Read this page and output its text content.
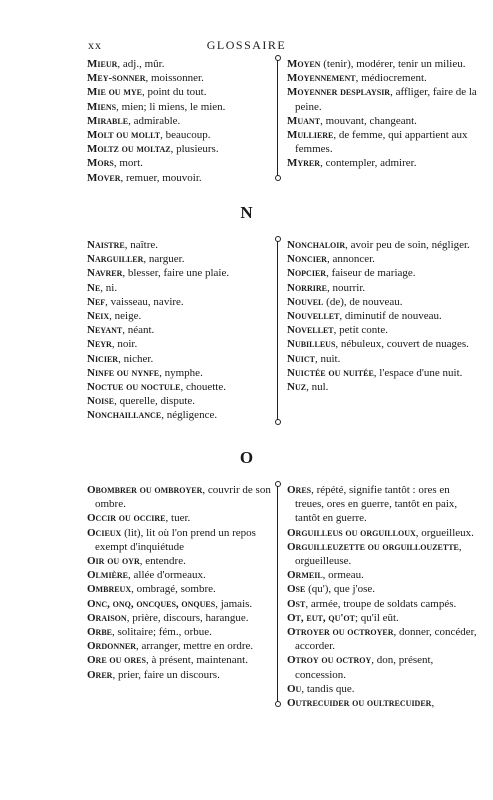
xx	GLOSSAIRE
Mieur, adj., mûr.
Mey-sonner, moissonner.
Mie ou mye, point du tout.
Miens, mien; li miens, le mien.
Mirable, admirable.
Molt ou mollt, beaucoup.
Moltz ou moltaz, plusieurs.
Mors, mort.
Mover, remuer, mouvoir.
Moyen (tenir), modérer, tenir un milieu.
Moyennement, médiocrement.
Moyenner desplaysir, affliger, faire de la peine.
Muant, mouvant, changeant.
Mulliere, de femme, qui appartient aux femmes.
Myrer, contempler, admirer.
N
Naistre, naître.
Narguiller, narguer.
Navrer, blesser, faire une plaie.
Ne, ni.
Nef, vaisseau, navire.
Neix, neige.
Neyant, néant.
Neyr, noir.
Nicier, nicher.
Ninfe ou nynfe, nymphe.
Noctue ou noctule, chouette.
Noise, querelle, dispute.
Nonchaillance, négligence.
Nonchaloir, avoir peu de soin, négliger.
Noncier, annoncer.
Nopcier, faiseur de mariage.
Norrire, nourrir.
Nouvel (de), de nouveau.
Nouvellet, diminutif de nouveau.
Novellet, petit conte.
Nubilleus, nébuleux, couvert de nuages.
Nuict, nuit.
Nuictée ou nuitée, l'espace d'une nuit.
Nuz, nul.
O
Obombrer ou ombroyer, couvrir de son ombre.
Occir ou occire, tuer.
Ocieux (lit), lit où l'on prend un repos exempt d'inquiétude
Oir ou oyr, entendre.
Olmière, allée d'ormeaux.
Ombreux, ombragé, sombre.
Onc, onq, oncques, onques, jamais.
Oraison, prière, discours, harangue.
Orbe, solitaire; fém., orbue.
Ordonner, arranger, mettre en ordre.
Ore ou ores, à présent, maintenant.
Orer, prier, faire un discours.
Ores, répété, signifie tantôt : ores en treues, ores en guerre, tantôt en paix, tantôt en guerre.
Orguilleus ou orguilloux, orgueilleux.
Orguilleuzette ou orguillouzette, orgueilleuse.
Ormeil, ormeau.
Ose (qu'), que j'ose.
Ost, armée, troupe de soldats campés.
Ot, eut, qu'ot; qu'il eût.
Otroyer ou octroyer, donner, concéder, accorder.
Otroy ou octroy, don, présent, concession.
Ou, tandis que.
Outrecuider ou oultrecuider,
